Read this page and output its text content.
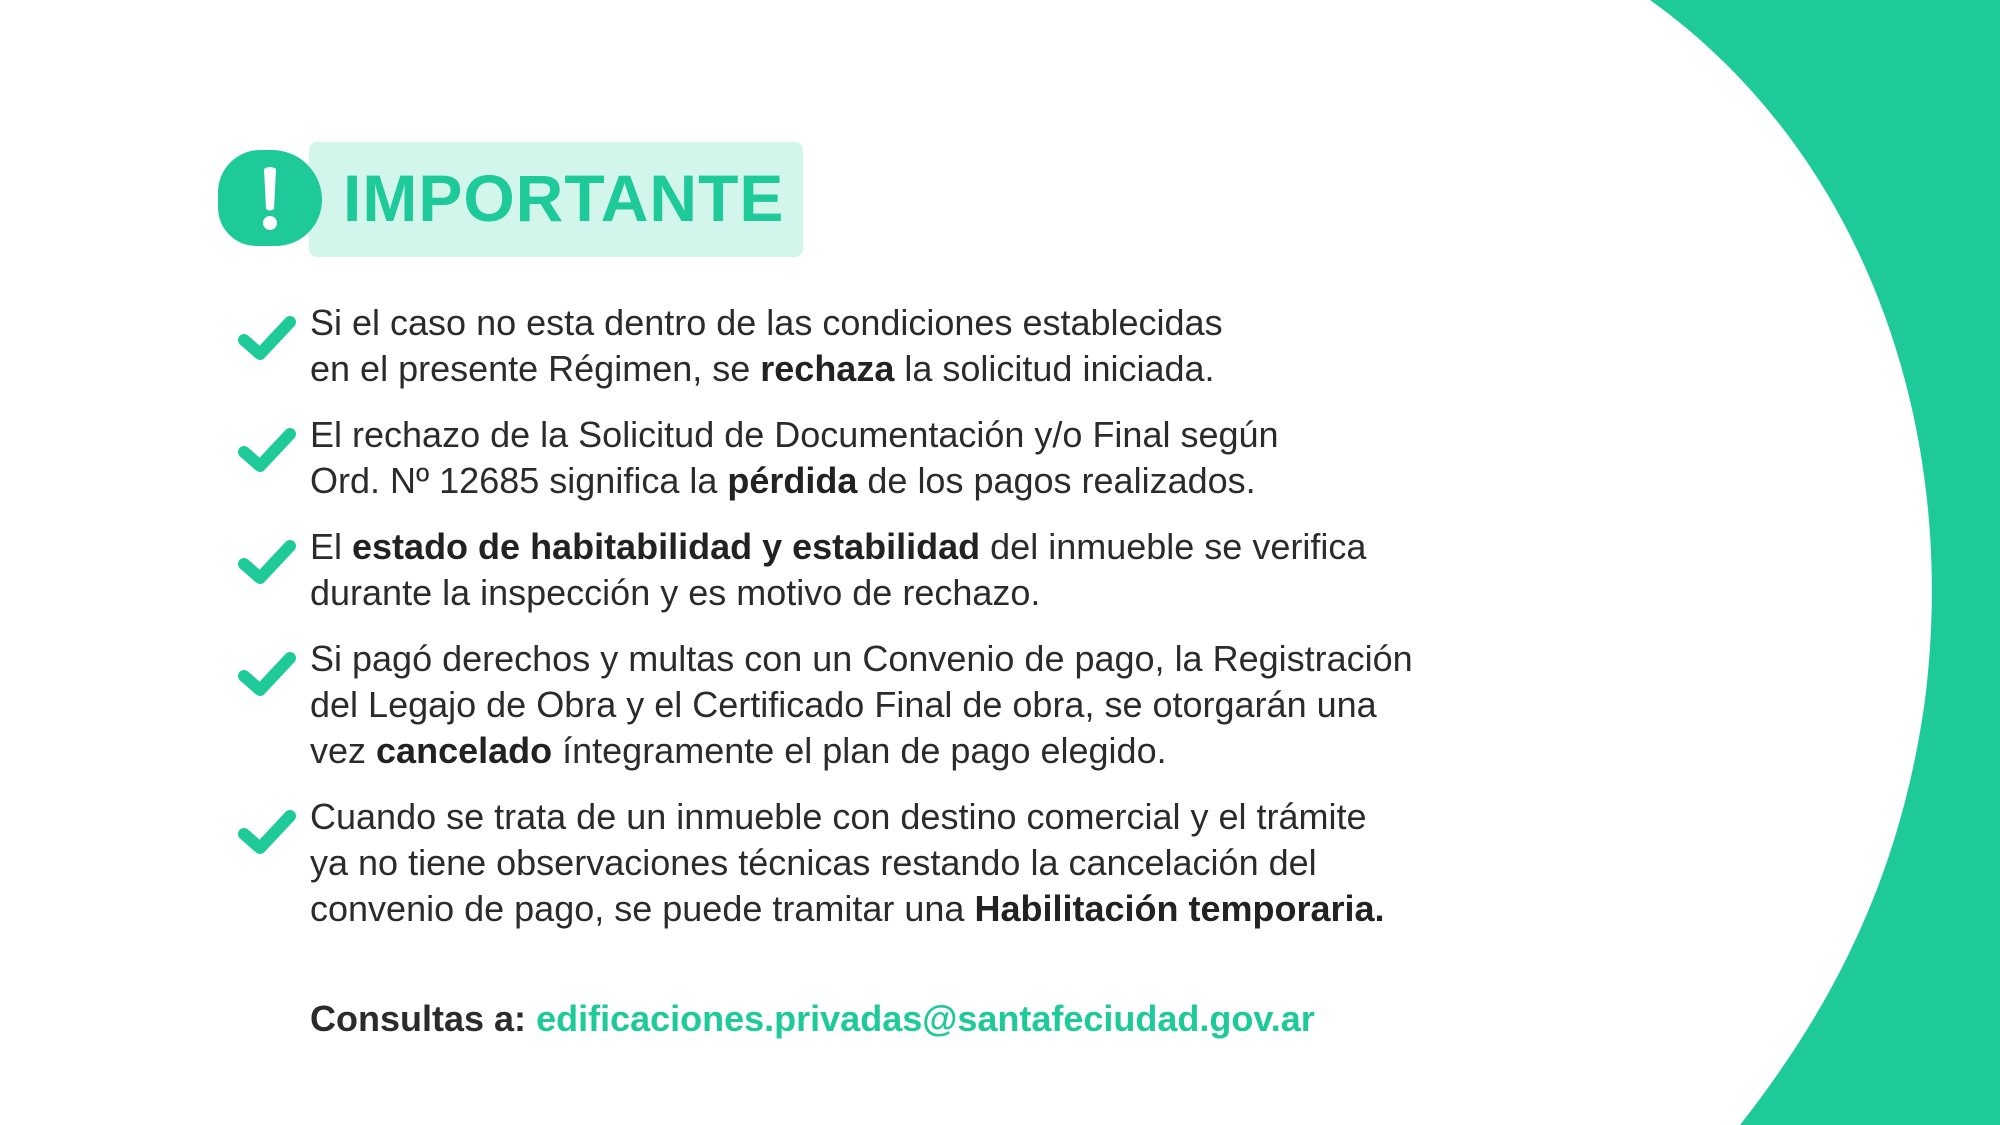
IMPORTANTE
Si el caso no esta dentro de las condiciones establecidas
en el presente Régimen, se rechaza la solicitud iniciada.
El rechazo de la Solicitud de Documentación y/o Final según
Ord. Nº 12685 significa la pérdida de los pagos realizados.
El estado de habitabilidad y estabilidad del inmueble se verifica
durante la inspección y es motivo de rechazo.
Si pagó derechos y multas con un Convenio de pago, la Registración
del Legajo de Obra y el Certificado Final de obra, se otorgarán una
vez cancelado íntegramente el plan de pago elegido.
Cuando se trata de un inmueble con destino comercial y el trámite
ya no tiene observaciones técnicas restando la cancelación del
convenio de pago, se puede tramitar una Habilitación temporaria.
Consultas a: edificaciones.privadas@santafeciudad.gov.ar
